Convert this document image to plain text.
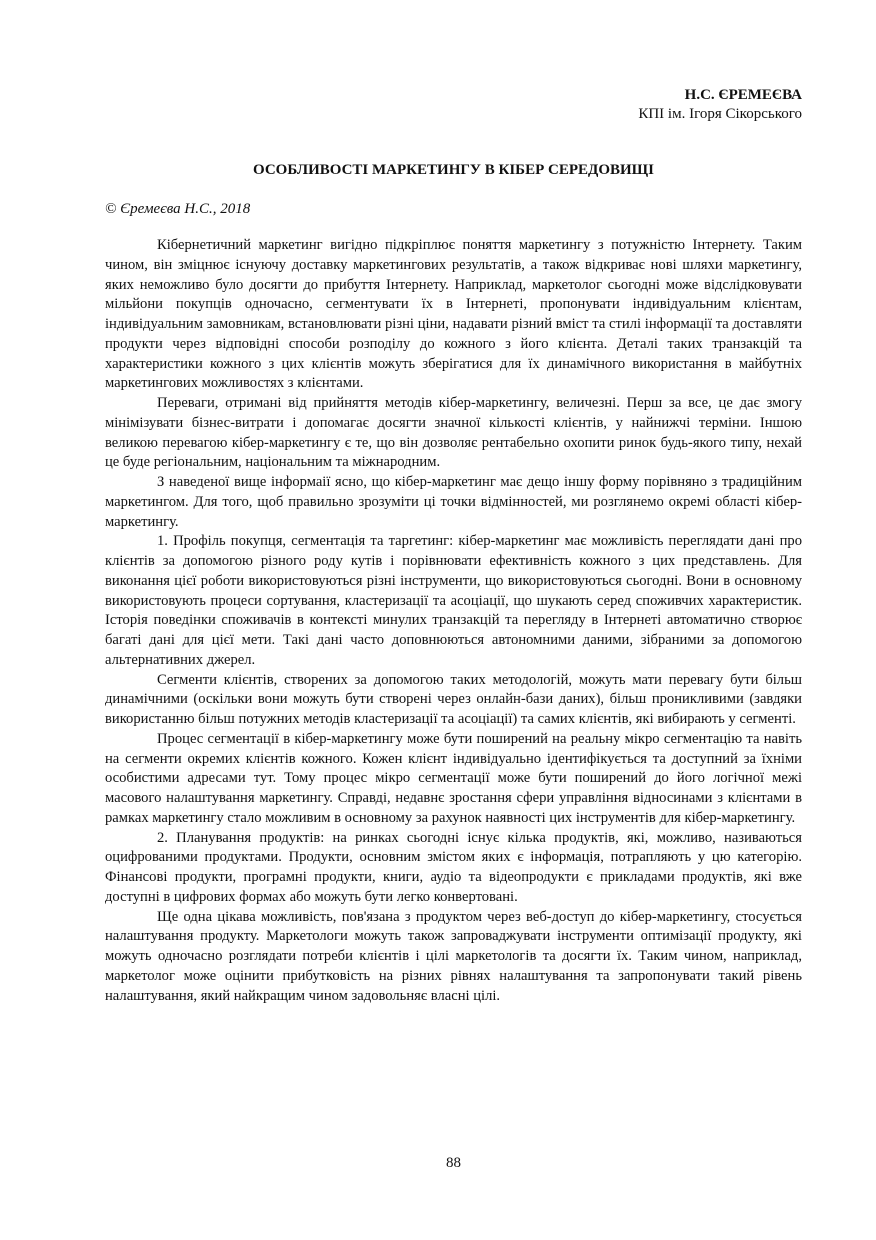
Н.С. ЄРЕМЕЄВА
КПІ ім. Ігоря Сікорського
ОСОБЛИВОСТІ МАРКЕТИНГУ В КІБЕР СЕРЕДОВИЩІ
© Єремеєва Н.С., 2018

Кібернетичний маркетинг вигідно підкріплює поняття маркетингу з потужністю Інтернету. Таким чином, він зміцнює існуючу доставку маркетингових результатів, а також відкриває нові шляхи маркетингу, яких неможливо було досягти до прибуття Інтернету. Наприклад, маркетолог сьогодні може відслідковувати мільйони покупців одночасно, сегментувати їх в Інтернеті, пропонувати індивідуальним клієнтам, індивідуальним замовникам, встановлювати різні ціни, надавати різний вміст та стилі інформації та доставляти продукти через відповідні способи розподілу до кожного з його клієнта. Деталі таких транзакцій та характеристики кожного з цих клієнтів можуть зберігатися для їх динамічного використання в майбутніх маркетингових можливостях з клієнтами.

Переваги, отримані від прийняття методів кібер-маркетингу, величезні. Перш за все, це дає змогу мінімізувати бізнес-витрати і допомагає досягти значної кількості клієнтів, у найнижчі терміни. Іншою великою перевагою кібер-маркетингу є те, що він дозволяє рентабельно охопити ринок будь-якого типу, нехай це буде регіональним, національним та міжнародним.

З наведеної вище інформаії ясно, що кібер-маркетинг має дещо іншу форму порівняно з традиційним маркетингом. Для того, щоб правильно зрозуміти ці точки відмінностей, ми розглянемо окремі області кібер-маркетингу.

1. Профіль покупця, сегментація та таргетинг: кібер-маркетинг має можливість переглядати дані про клієнтів за допомогою різного роду кутів і порівнювати ефективність кожного з цих представлень. Для виконання цієї роботи використовуються різні інструменти, що використовуються сьогодні. Вони в основному використовують процеси сортування, кластеризації та асоціації, що шукають серед споживчих характеристик. Історія поведінки споживачів в контексті минулих транзакцій та перегляду в Інтернеті автоматично створює багаті дані для цієї мети. Такі дані часто доповнюються автономними даними, зібраними за допомогою альтернативних джерел.

Сегменти клієнтів, створених за допомогою таких методологій, можуть мати перевагу бути більш динамічними (оскільки вони можуть бути створені через онлайн-бази даних), більш проникливими (завдяки використанню більш потужних методів кластеризації та асоціації) та самих клієнтів, які вибирають у сегменті.

Процес сегментації в кібер-маркетингу може бути поширений на реальну мікро сегментацію та навіть на сегменти окремих клієнтів кожного. Кожен клієнт індивідуально ідентифікується та доступний за їхніми особистими адресами тут. Тому процес мікро сегментації може бути поширений до його логічної межі масового налаштування маркетингу. Справді, недавнє зростання сфери управління відносинами з клієнтами в рамках маркетингу стало можливим в основному за рахунок наявності цих інструментів для кібер-маркетингу.

2. Планування продуктів: на ринках сьогодні існує кілька продуктів, які, можливо, називаються оцифрованими продуктами. Продукти, основним змістом яких є інформація, потрапляють у цю категорію. Фінансові продукти, програмні продукти, книги, аудіо та відеопродукти є прикладами продуктів, які вже доступні в цифрових формах або можуть бути легко конвертовані.

Ще одна цікава можливість, пов'язана з продуктом через веб-доступ до кібер-маркетингу, стосується налаштування продукту. Маркетологи можуть також запроваджувати інструменти оптимізації продукту, які можуть одночасно розглядати потреби клієнтів і цілі маркетологів та досягти їх. Таким чином, наприклад, маркетолог може оцінити прибутковість на різних рівнях налаштування та запропонувати такий рівень налаштування, який найкращим чином задовольняє власні цілі.

88
